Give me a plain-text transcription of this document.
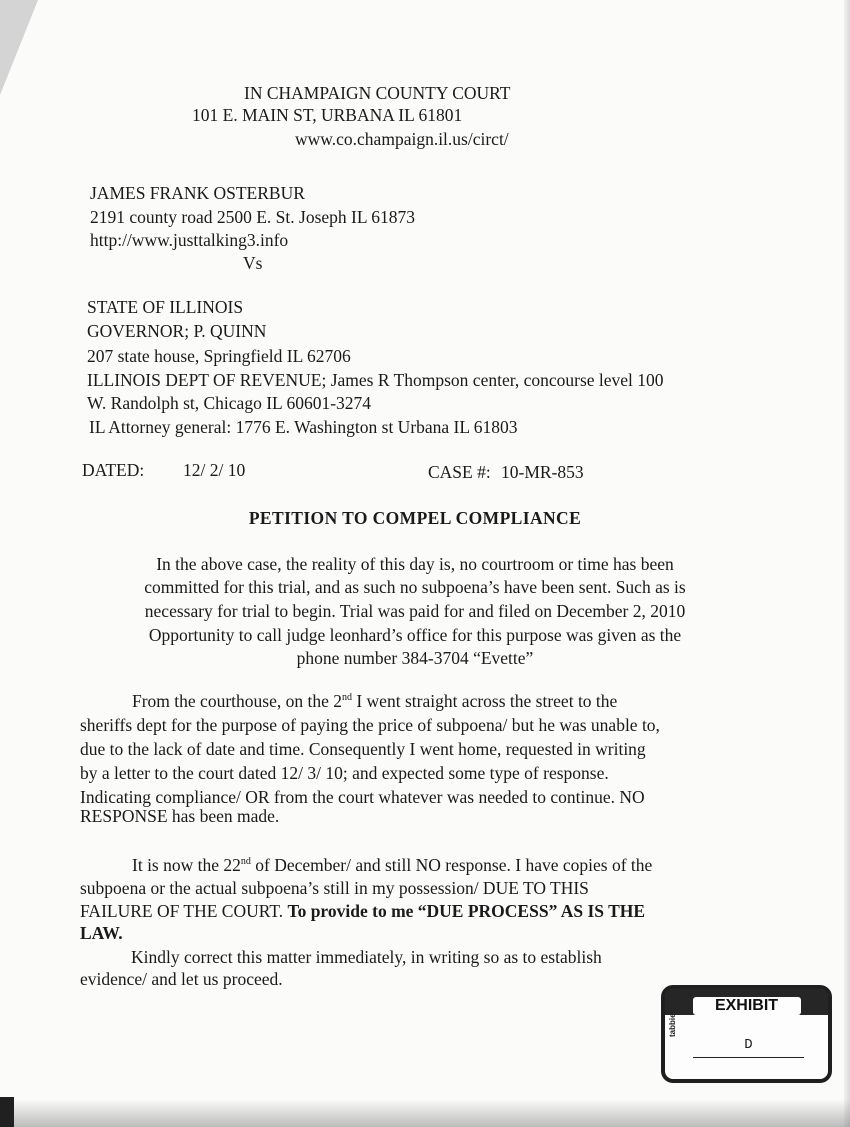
IN CHAMPAIGN COUNTY COURT
101 E. MAIN ST, URBANA IL 61801
www.co.champaign.il.us/circt/
JAMES FRANK OSTERBUR
2191 county road 2500 E. St. Joseph IL 61873
http://www.justtalking3.info
Vs
STATE OF ILLINOIS
GOVERNOR; P. QUINN
207 state house, Springfield IL 62706
ILLINOIS DEPT OF REVENUE; James R Thompson center, concourse level 100
W. Randolph st, Chicago IL 60601-3274
IL Attorney general: 1776 E. Washington st Urbana IL 61803
DATED: 12/ 2/ 10	CASE #: 10-MR-853
PETITION TO COMPEL COMPLIANCE
In the above case, the reality of this day is, no courtroom or time has been
committed for this trial, and as such no subpoena’s have been sent. Such as is
necessary for trial to begin. Trial was paid for and filed on December 2, 2010
Opportunity to call judge leonhard’s office for this purpose was given as the
phone number 384-3704 “Evette”
From the courthouse, on the 2nd I went straight across the street to the
sheriffs dept for the purpose of paying the price of subpoena/ but he was unable to,
due to the lack of date and time. Consequently I went home, requested in writing
by a letter to the court dated 12/ 3/ 10; and expected some type of response.
Indicating compliance/ OR from the court whatever was needed to continue. NO
RESPONSE has been made.
It is now the 22nd of December/ and still NO response. I have copies of the
subpoena or the actual subpoena’s still in my possession/ DUE TO THIS
FAILURE OF THE COURT. To provide to me “DUE PROCESS” AS IS THE
LAW.
Kindly correct this matter immediately, in writing so as to establish
evidence/ and let us proceed.
EXHIBIT
tabbies
D
